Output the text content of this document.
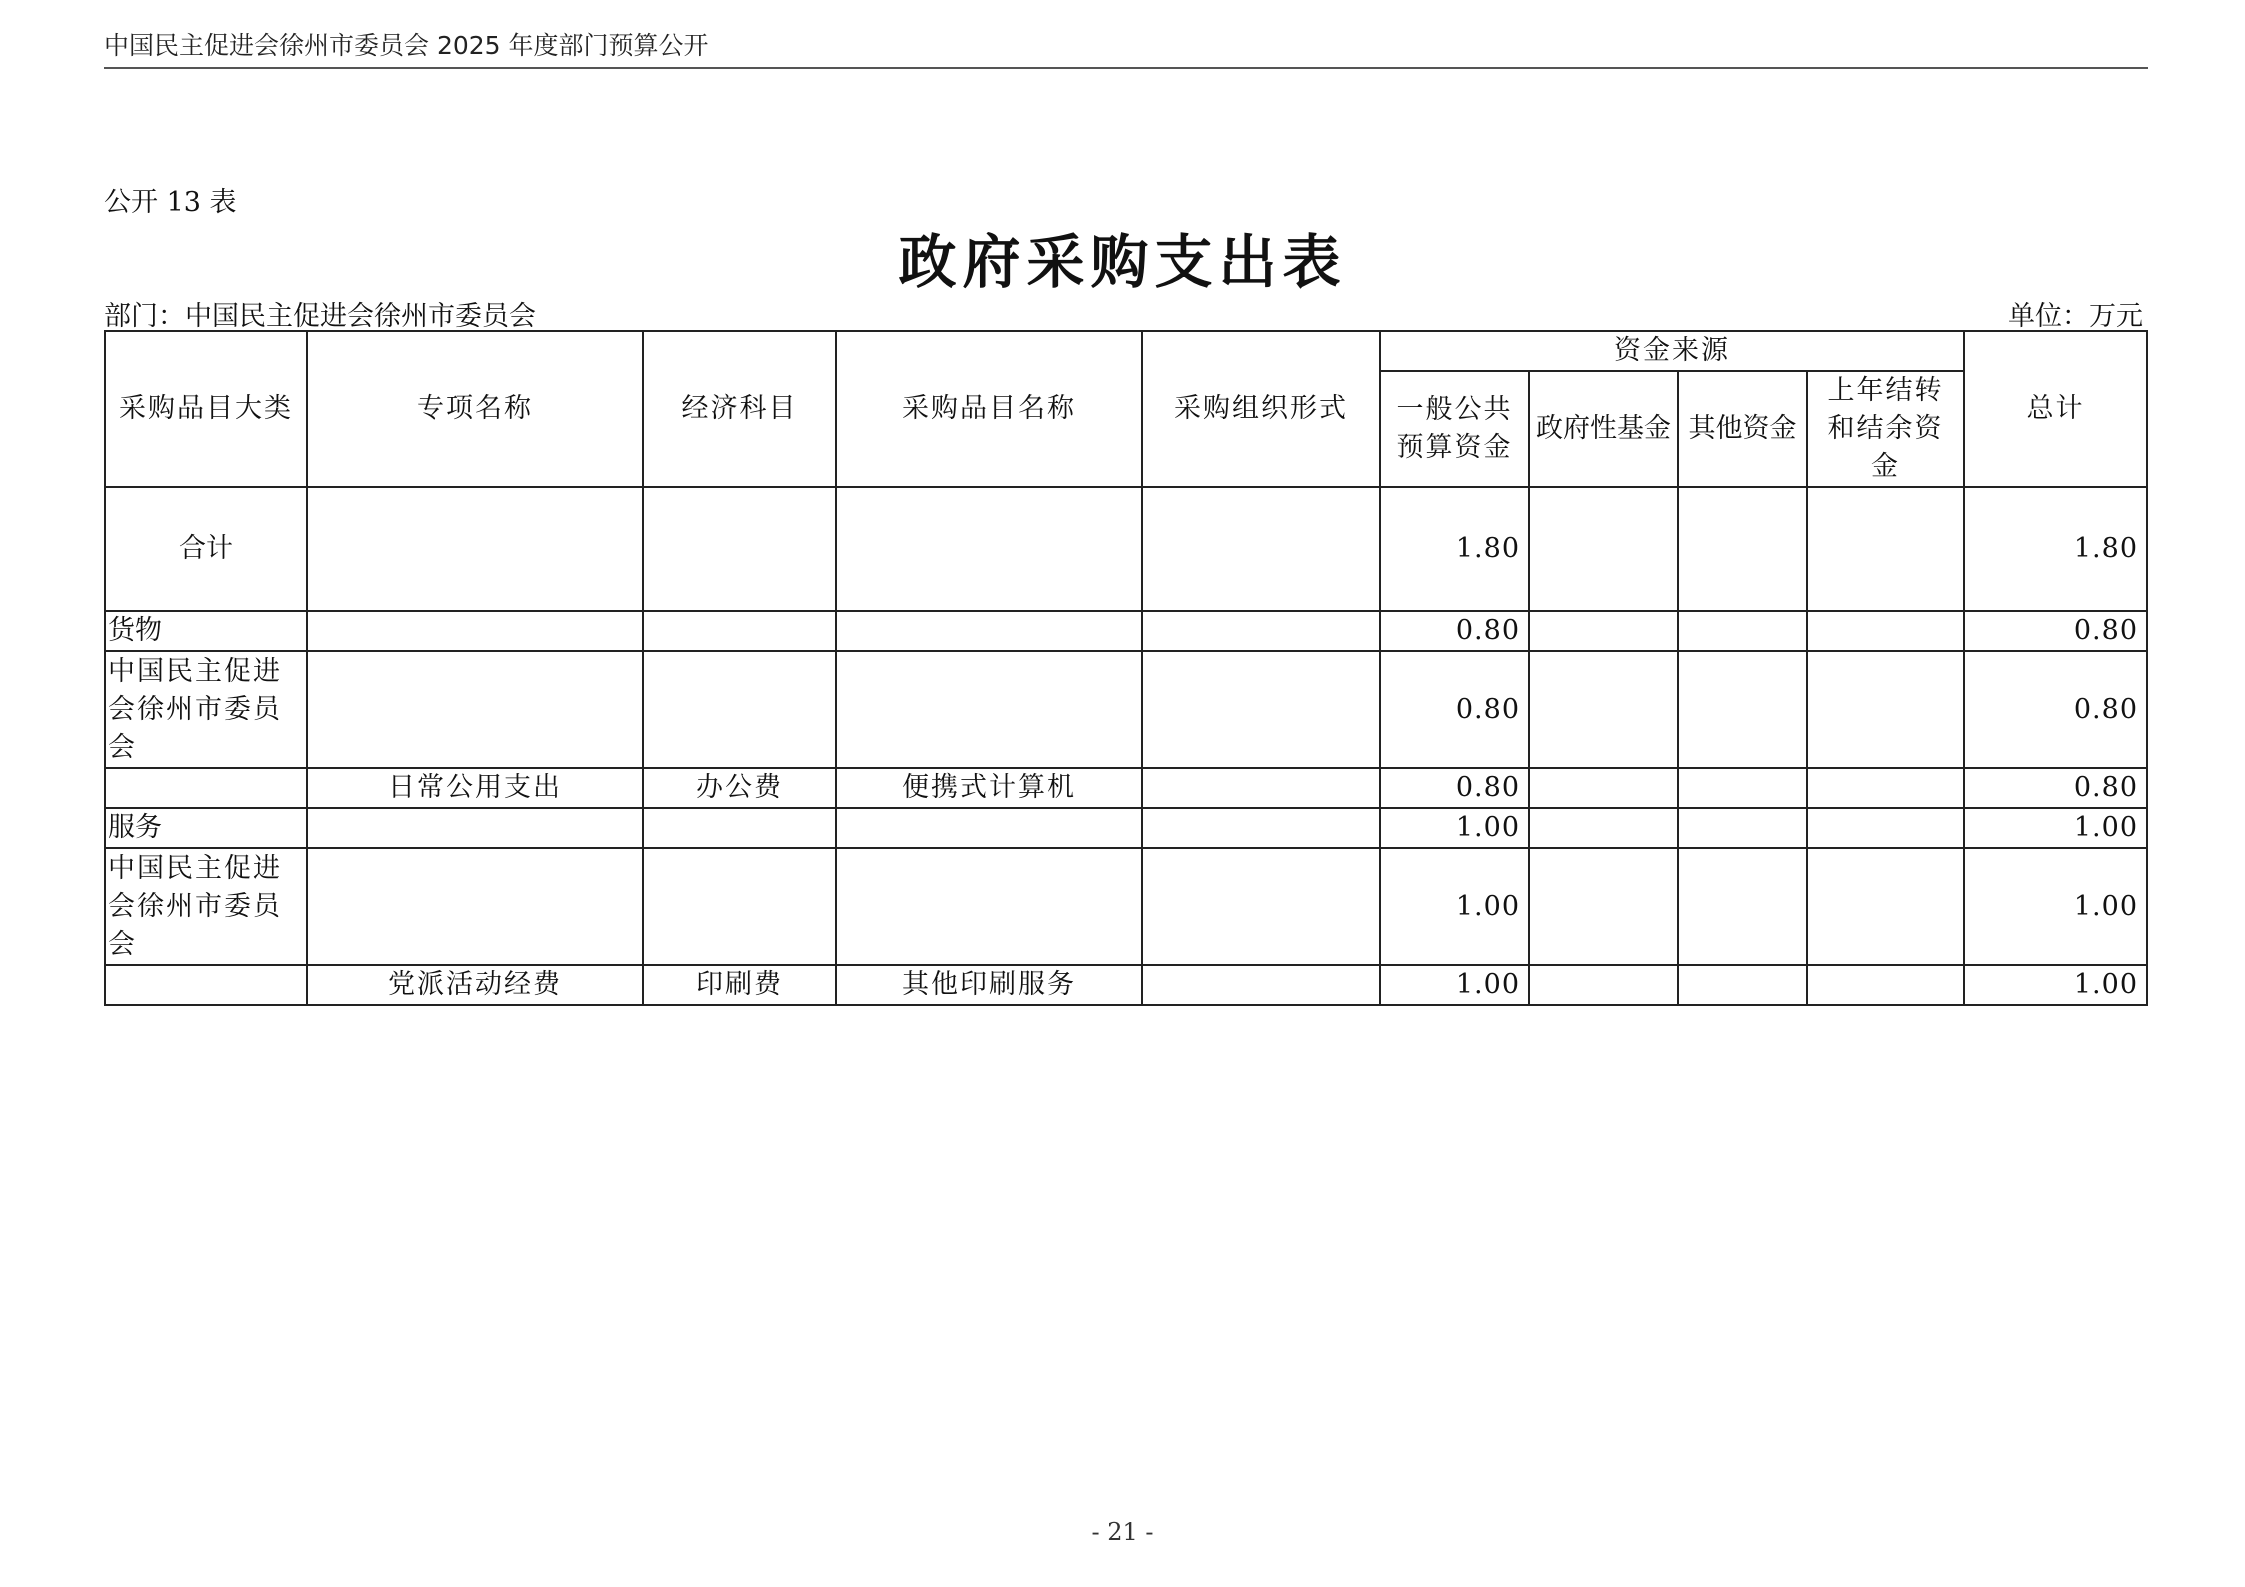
中国民主促进会徐州市委员会 2025 年度部门预算公开
公开 13 表
政府采购支出表
部门：中国民主促进会徐州市委员会	单位：万元
采购品目大类	专项名称	经济科目	采购品目名称	采购组织形式	资金来源				总计
					一般公共预算资金	政府性基金	其他资金	上年结转和结余资金	
合计					1.80				1.80
货物					0.80				0.80
中国民主促进会徐州市委员会					0.80				0.80
	日常公用支出	办公费	便携式计算机		0.80				0.80
服务					1.00				1.00
中国民主促进会徐州市委员会					1.00				1.00
	党派活动经费	印刷费	其他印刷服务		1.00				1.00
- 21 -
